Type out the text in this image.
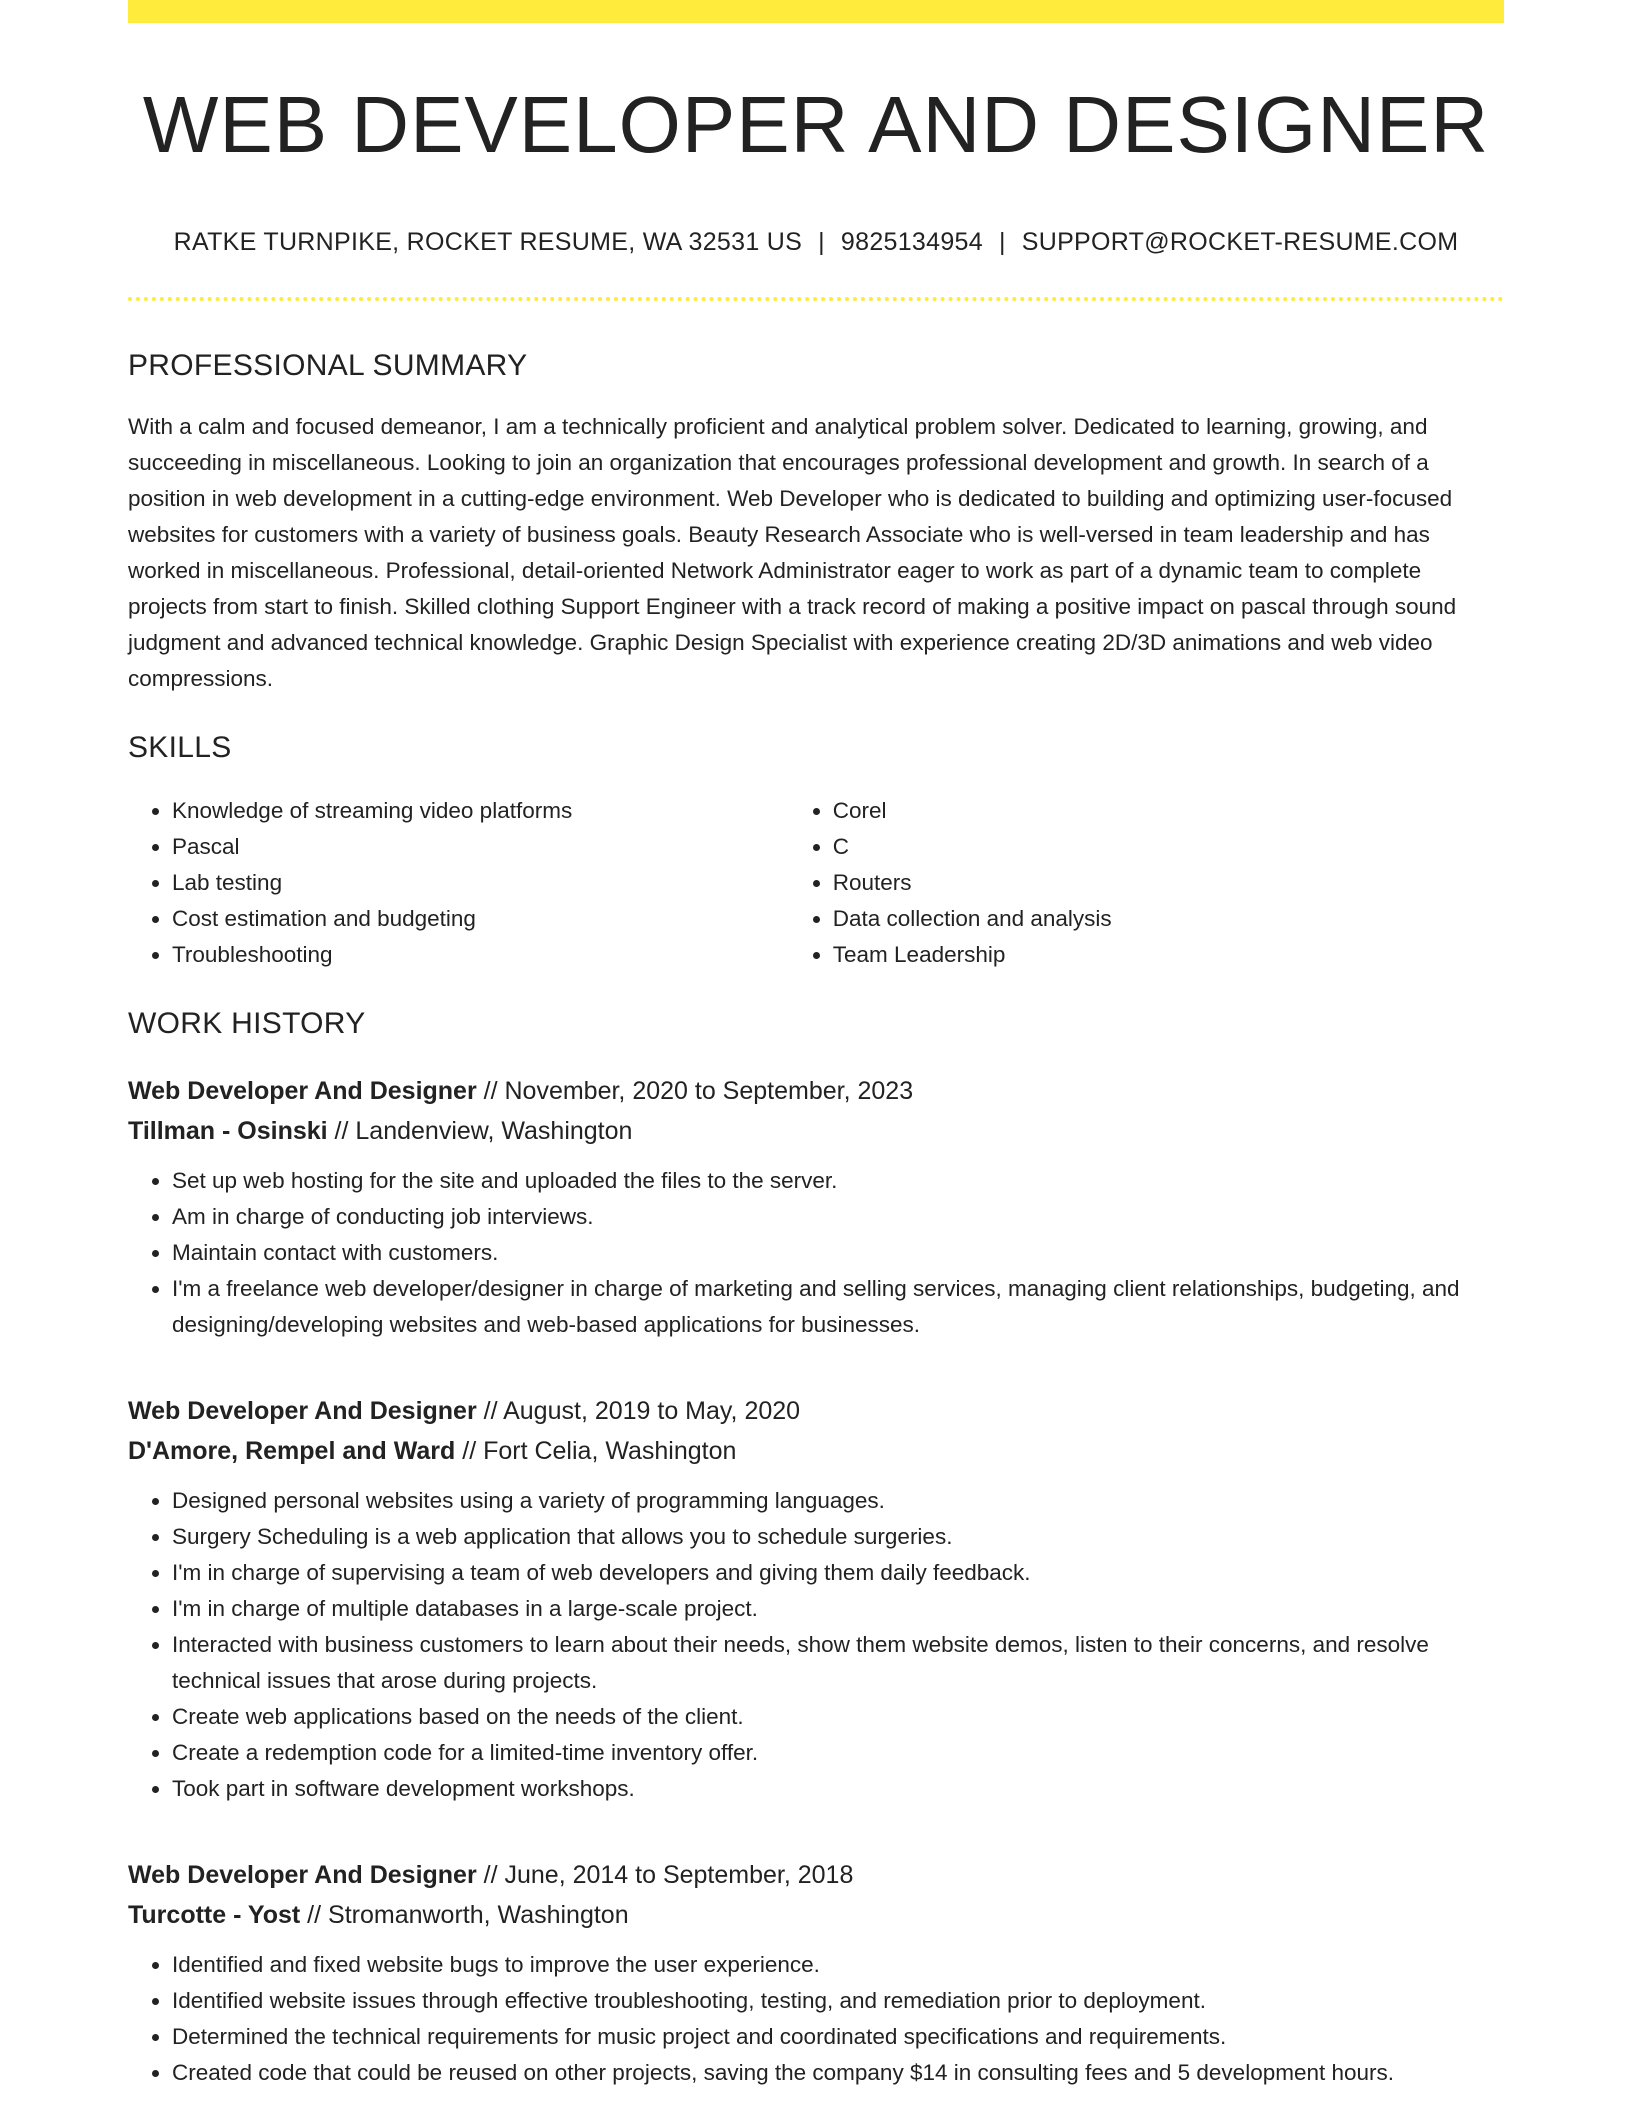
WEB DEVELOPER AND DESIGNER
RATKE TURNPIKE, ROCKET RESUME, WA 32531 US | 9825134954 | SUPPORT@ROCKET-RESUME.COM
PROFESSIONAL SUMMARY

With a calm and focused demeanor, I am a technically proficient and analytical problem solver. Dedicated to learning, growing, and succeeding in miscellaneous. Looking to join an organization that encourages professional development and growth. In search of a position in web development in a cutting-edge environment. Web Developer who is dedicated to building and optimizing user-focused websites for customers with a variety of business goals. Beauty Research Associate who is well-versed in team leadership and has worked in miscellaneous. Professional, detail-oriented Network Administrator eager to work as part of a dynamic team to complete projects from start to finish. Skilled clothing Support Engineer with a track record of making a positive impact on pascal through sound judgment and advanced technical knowledge. Graphic Design Specialist with experience creating 2D/3D animations and web video compressions.

SKILLS
• Knowledge of streaming video platforms
• Pascal
• Lab testing
• Cost estimation and budgeting
• Troubleshooting
• Corel
• C
• Routers
• Data collection and analysis
• Team Leadership
WORK HISTORY
Web Developer And Designer // November, 2020 to September, 2023
Tillman - Osinski // Landenview, Washington
• Set up web hosting for the site and uploaded the files to the server.
• Am in charge of conducting job interviews.
• Maintain contact with customers.
• I'm a freelance web developer/designer in charge of marketing and selling services, managing client relationships, budgeting, and designing/developing websites and web-based applications for businesses.
Web Developer And Designer // August, 2019 to May, 2020
D'Amore, Rempel and Ward // Fort Celia, Washington
• Designed personal websites using a variety of programming languages.
• Surgery Scheduling is a web application that allows you to schedule surgeries.
• I'm in charge of supervising a team of web developers and giving them daily feedback.
• I'm in charge of multiple databases in a large-scale project.
• Interacted with business customers to learn about their needs, show them website demos, listen to their concerns, and resolve technical issues that arose during projects.
• Create web applications based on the needs of the client.
• Create a redemption code for a limited-time inventory offer.
• Took part in software development workshops.
Web Developer And Designer // June, 2014 to September, 2018
Turcotte - Yost // Stromanworth, Washington
• Identified and fixed website bugs to improve the user experience.
• Identified website issues through effective troubleshooting, testing, and remediation prior to deployment.
• Determined the technical requirements for music project and coordinated specifications and requirements.
• Created code that could be reused on other projects, saving the company $14 in consulting fees and 5 development hours.
